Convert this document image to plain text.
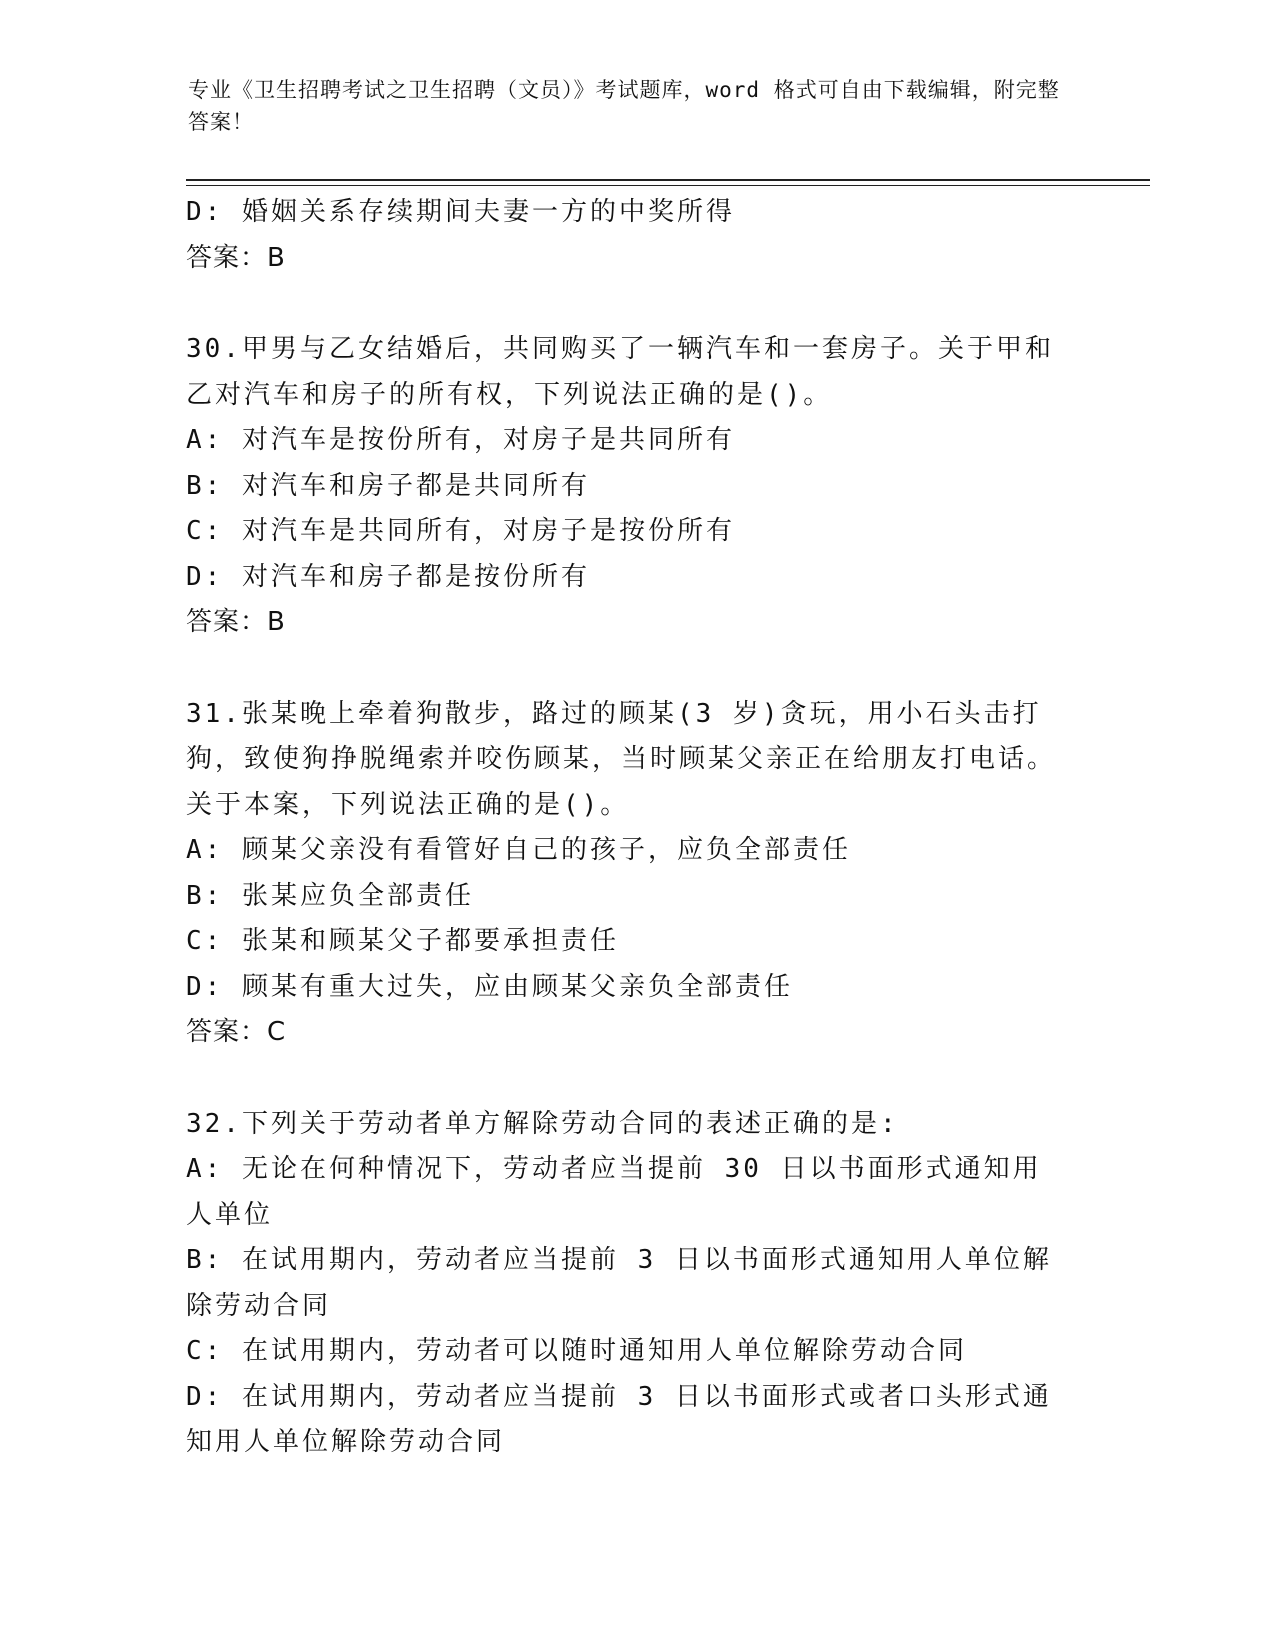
专业《卫生招聘考试之卫生招聘（文员）》考试题库，word 格式可自由下载编辑，附完整答案！
D: 婚姻关系存续期间夫妻一方的中奖所得
答案：B
30.甲男与乙女结婚后，共同购买了一辆汽车和一套房子。关于甲和乙对汽车和房子的所有权，下列说法正确的是()。
A: 对汽车是按份所有，对房子是共同所有
B: 对汽车和房子都是共同所有
C: 对汽车是共同所有，对房子是按份所有
D: 对汽车和房子都是按份所有
答案：B
31.张某晚上牵着狗散步，路过的顾某(3 岁)贪玩，用小石头击打狗，致使狗挣脱绳索并咬伤顾某，当时顾某父亲正在给朋友打电话。关于本案，下列说法正确的是()。
A: 顾某父亲没有看管好自己的孩子，应负全部责任
B: 张某应负全部责任
C: 张某和顾某父子都要承担责任
D: 顾某有重大过失，应由顾某父亲负全部责任
答案：C
32.下列关于劳动者单方解除劳动合同的表述正确的是:
A: 无论在何种情况下，劳动者应当提前 30 日以书面形式通知用人单位
B: 在试用期内，劳动者应当提前 3 日以书面形式通知用人单位解除劳动合同
C: 在试用期内，劳动者可以随时通知用人单位解除劳动合同
D: 在试用期内，劳动者应当提前 3 日以书面形式或者口头形式通知用人单位解除劳动合同
